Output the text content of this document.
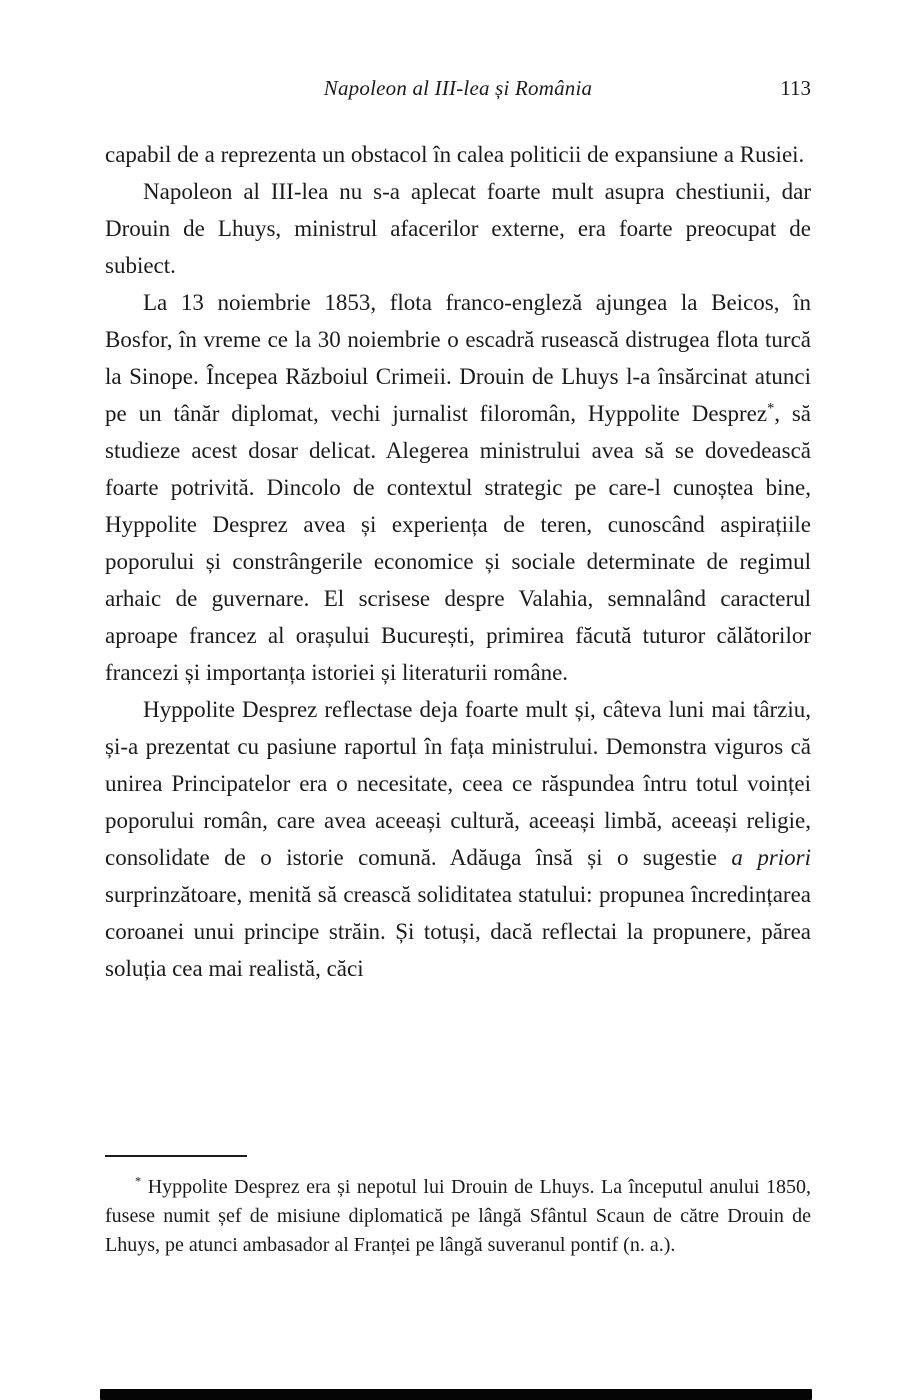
Napoleon al III-lea și România	113

capabil de a reprezenta un obstacol în calea politicii de expansiune a Rusiei.

Napoleon al III-lea nu s-a aplecat foarte mult asupra chestiunii, dar Drouin de Lhuys, ministrul afacerilor externe, era foarte preocupat de subiect.

La 13 noiembrie 1853, flota franco-engleză ajungea la Beicos, în Bosfor, în vreme ce la 30 noiembrie o escadră rusească distrugea flota turcă la Sinope. Începea Războiul Crimeii. Drouin de Lhuys l-a însărcinat atunci pe un tânăr diplomat, vechi jurnalist filoromân, Hyppolite Desprez*, să studieze acest dosar delicat. Alegerea ministrului avea să se dovedească foarte potrivită. Dincolo de contextul strategic pe care-l cunoștea bine, Hyppolite Desprez avea și experiența de teren, cunoscând aspirațiile poporului și constrângerile economice și sociale determinate de regimul arhaic de guvernare. El scrisese despre Valahia, semnalând caracterul aproape francez al orașului București, primirea făcută tuturor călătorilor francezi și importanța istoriei și literaturii române.

Hyppolite Desprez reflectase deja foarte mult și, câteva luni mai târziu, și-a prezentat cu pasiune raportul în fața ministrului. Demonstra viguros că unirea Principatelor era o necesitate, ceea ce răspundea întru totul voinței poporului român, care avea aceeași cultură, aceeași limbă, aceeași religie, consolidate de o istorie comună. Adăuga însă și o sugestie a priori surprinzătoare, menită să crească soliditatea statului: propunea încredințarea coroanei unui principe străin. Și totuși, dacă reflectai la propunere, părea soluția cea mai realistă, căci

* Hyppolite Desprez era și nepotul lui Drouin de Lhuys. La începutul anului 1850, fusese numit șef de misiune diplomatică pe lângă Sfântul Scaun de către Drouin de Lhuys, pe atunci ambasador al Franței pe lângă suveranul pontif (n. a.).
